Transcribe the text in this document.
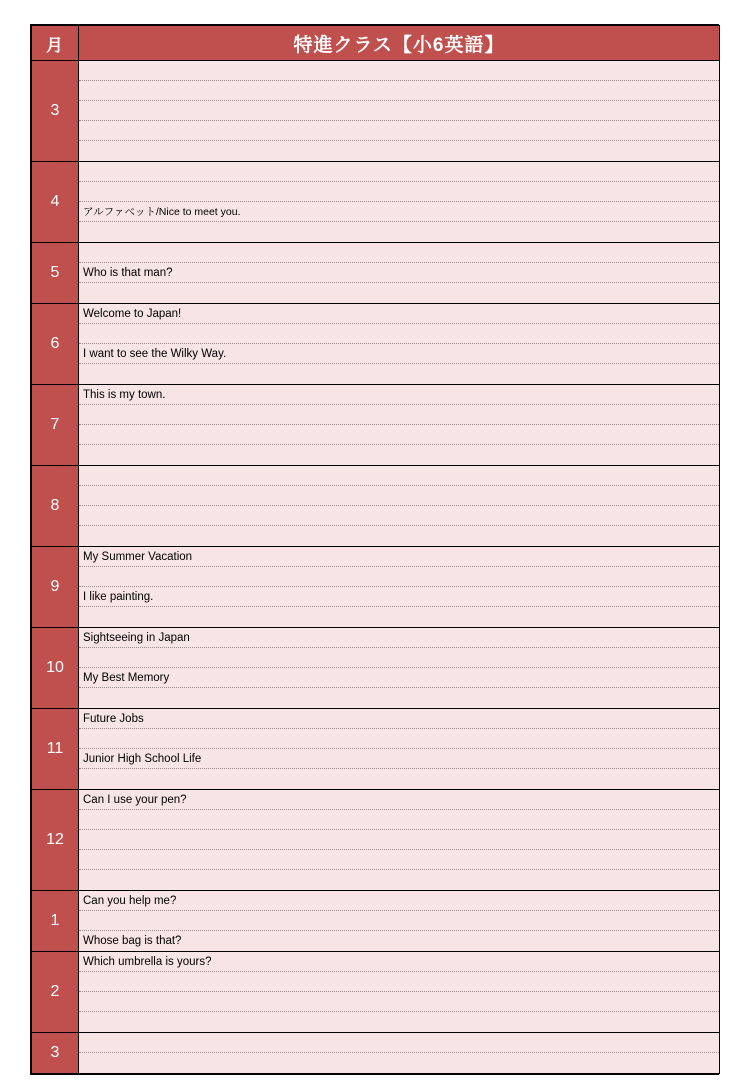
月	特進クラス【小6英語】
3	

4	アルファベット/Nice to meet you.

5	Who is that man?

6	Welcome to Japan!
I want to see the Wilky Way.

7	This is my town.

8	

9	My Summer Vacation
I like painting.

10	Sightseeing in Japan
My Best Memory

11	Future Jobs
Junior High School Life

12	Can I use your pen?

1	Can you help me?
Whose bag is that?

2	Which umbrella is yours?

3	
